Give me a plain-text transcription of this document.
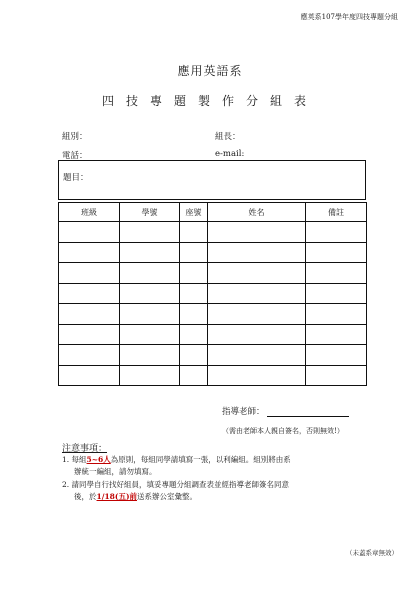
應英系107學年度四技專題分組
應用英語系
四技專題製作分組表
組別：	組長：
電話：	e-mail:
題目：
班級	學號	座號	姓名	備註

指導老師：
（需由老師本人親自簽名，否則無效!）
注意事項：
1. 每組5~6人為原則，每組同學請填寫一張，以利編組。組別將由系
辦統一編組，請勿填寫。
2. 請同學自行找好組員，填妥專題分組調查表並經指導老師簽名同意
後，於1/18(五)前送系辦公室彙整。
（未蓋系章無效）
